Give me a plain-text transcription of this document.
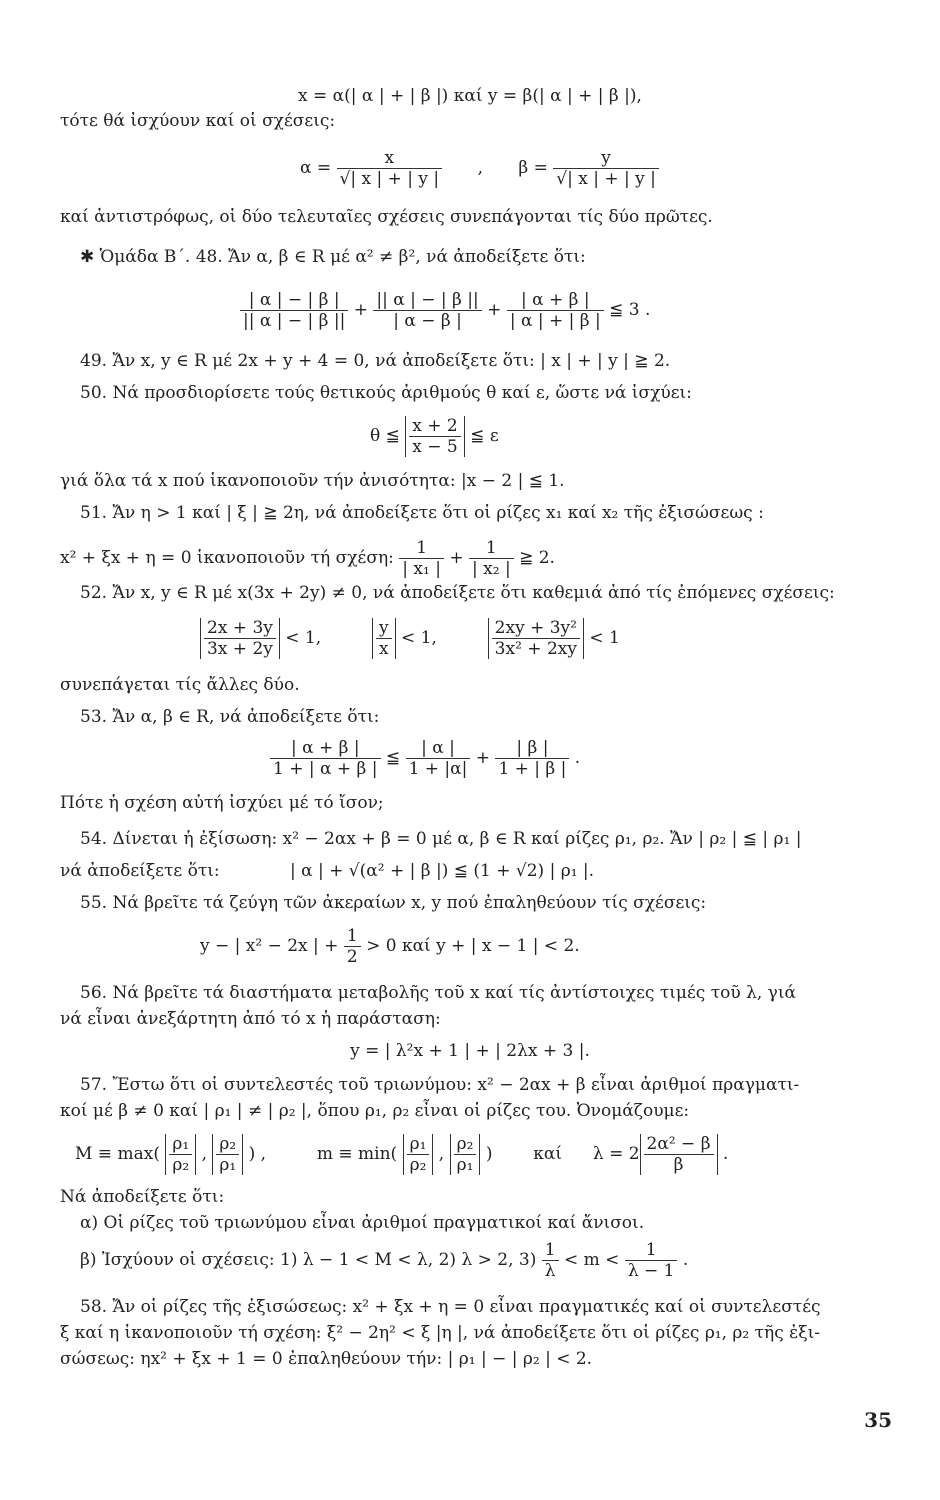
x = α(| α | + | β |) καί y = β(| α | + | β |),
τότε θά ἰσχύουν καί οἱ σχέσεις:
$\alpha = \frac{x}{√| x | + | y |}$ , $\beta = \frac{y}{√| x | + | y |}$
καί ἀντιστρόφως, οἱ δύο τελευταῖες σχέσεις συνεπάγονται τίς δύο πρῶτες.
✱ Ὁμάδα Β΄. 48. Ἄν α, β ∈ R μέ α² ≠ β², νά ἀποδείξετε ὅτι:
$\frac{| \alpha | - | \beta |}{|| \alpha | - | \beta ||} + \frac{|| \alpha | - | \beta ||}{| \alpha - \beta |} + \frac{| \alpha + \beta |}{| \alpha | + | \beta |}$ ≦ 3 .
49. Ἄν x, y ∈ R μέ 2x + y + 4 = 0, νά ἀποδείξετε ὅτι: | x | + | y | ≧ 2.
50. Νά προσδιορίσετε τούς θετικούς ἀριθμούς θ καί ε, ὥστε νά ἰσχύει:
θ ≦ $\frac{x + 2}{x - 5}$ ≦ ε
γιά ὅλα τά x πού ἱκανοποιοῦν τήν ἀνισότητα: |x − 2 | ≦ 1.
51. Ἄν η > 1 καί | ξ | ≧ 2η, νά ἀποδείξετε ὅτι οἱ ρίζες x₁ καί x₂ τῆς ἐξισώσεως :
x² + ξx + η = 0 ἱκανοποιοῦν τή σχέση: $\frac{1}{\text{| x₁ |}} + \frac{1}{\text{| x₂ |}}$ ≧ 2.
52. Ἄν x, y ∈ R μέ x(3x + 2y) ≠ 0, νά ἀποδείξετε ὅτι καθεμιά ἀπό τίς ἑπόμενες σχέσεις:
$\frac{2x + 3y}{3x + 2y} < 1$,	$\frac{y}{x} < 1$,	$\frac{\text{2xy + 3y²}}{\text{3x² + 2xy}} < 1$
συνεπάγεται τίς ἄλλες δύο.
53. Ἄν α, β ∈ R, νά ἀποδείξετε ὅτι:
$\frac{| \alpha + \beta |}{1 + | \alpha + \beta |}$ ≦ $\frac{| \alpha |}{1 + |\alpha|} + \frac{| \beta |}{1 + | \beta |}$ .
Πότε ἡ σχέση αὐτή ἰσχύει μέ τό ἴσον;
54. Δίνεται ἡ ἐξίσωση: x² − 2αx + β = 0 μέ α, β ∈ R καί ρίζες ρ₁, ρ₂. Ἄν | ρ₂ | ≦ | ρ₁ |
νά ἀποδείξετε ὅτι:	| α | + √(α² + | β |) ≦ (1 + √2) | ρ₁ |.
55. Νά βρεῖτε τά ζεύγη τῶν ἀκεραίων x, y πού ἐπαληθεύουν τίς σχέσεις:
y − | x² − 2x | + $\frac{1}{2} > 0$ καί y + | x − 1 | < 2.
56. Νά βρεῖτε τά διαστήματα μεταβολῆς τοῦ x καί τίς ἀντίστοιχες τιμές τοῦ λ, γιά
νά εἶναι ἀνεξάρτητη ἀπό τό x ἡ παράσταση:
y = | λ²x + 1 | + | 2λx + 3 |.
57. Ἔστω ὅτι οἱ συντελεστές τοῦ τριωνύμου: x² − 2αx + β εἶναι ἀριθμοί πραγματι-
κοί μέ β ≠ 0 καί | ρ₁ | ≠ | ρ₂ |, ὅπου ρ₁, ρ₂ εἶναι οἱ ρίζες του. Ὀνομάζουμε:
$M \equiv \max( \frac{\text{ρ₁}}{\text{ρ₂}}$ , $\frac{\text{ρ₂}}{\text{ρ₁}}$ ) ,	$m \equiv \min( \frac{\text{ρ₁}}{\text{ρ₂}}$ , $\frac{\text{ρ₂}}{\text{ρ₁}}$ )  καί $\lambda = 2 \frac{\text{2α² − β}}{\beta}$ .
Νά ἀποδείξετε ὅτι:
α) Οἱ ρίζες τοῦ τριωνύμου εἶναι ἀριθμοί πραγματικοί καί ἄνισοι.
β) Ἰσχύουν οἱ σχέσεις: 1) λ − 1 < Μ < λ, 2) λ > 2, $3) \frac{1}{\lambda} < m < \frac{1}{\lambda - 1}$ .
58. Ἄν οἱ ρίζες τῆς ἐξισώσεως: x² + ξx + η = 0 εἶναι πραγματικές καί οἱ συντελεστές
ξ καί η ἱκανοποιοῦν τή σχέση: ξ² − 2η² < ξ |η |, νά ἀποδείξετε ὅτι οἱ ρίζες ρ₁, ρ₂ τῆς ἐξι-
σώσεως: ηx² + ξx + 1 = 0 ἐπαληθεύουν τήν: | ρ₁ | − | ρ₂ | < 2.
35
